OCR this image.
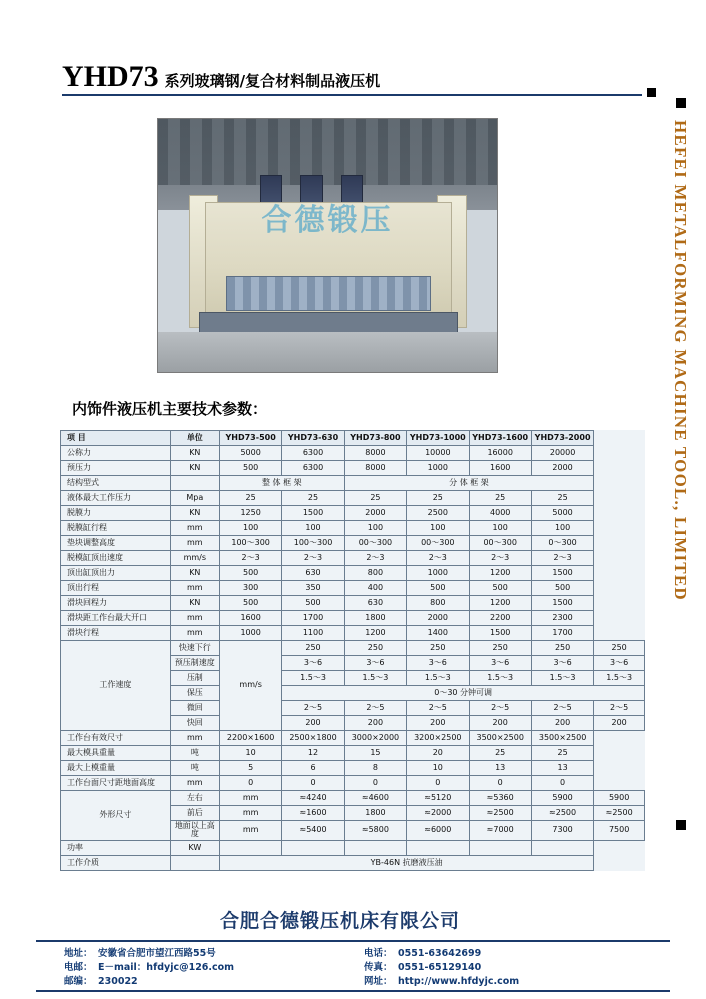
YHD73 系列玻璃钢/复合材料制品液压机
HEFEI METALFORMING MACHINE TOOL., LIMITED
合德锻压
内饰件液压机主要技术参数：
项 目	单位	YHD73-500	YHD73-630	YHD73-800	YHD73-1000	YHD73-1600	YHD73-2000	
公称力	KN	5000	6300	8000	10000	16000	20000	
预压力	KN	500	6300	8000	1000	1600	2000	
结构型式		整 体 框 架		分 体 框 架				
液体最大工作压力	Mpa	25	25	25	25	25	25	
脱膜力	KN	1250	1500	2000	2500	4000	5000	
脱膜缸行程	mm	100	100	100	100	100	100	
垫块调整高度	mm	100～300	100～300	00～300	00～300	00～300	0～300	
脱模缸顶出速度	mm/s	2～3	2～3	2～3	2～3	2～3	2～3	
顶出缸顶出力	KN	500	630	800	1000	1200	1500	
顶出行程	mm	300	350	400	500	500	500	
滑块回程力	KN	500	500	630	800	1200	1500	
滑块距工作台最大开口	mm	1600	1700	1800	2000	2200	2300	
滑块行程	mm	1000	1100	1200	1400	1500	1700	
工作速度	快速下行	mm/s	250	250	250	250	250	250
	预压制速度		3～6	3～6	3～6	3～6	3～6	3～6
	压制		1.5～3	1.5～3	1.5～3	1.5～3	1.5～3	1.5～3
	保压		0～30 分钟可调					
	微回		2～5	2～5	2～5	2～5	2～5	2～5
	快回		200	200	200	200	200	200
工作台有效尺寸	mm	2200×1600	2500×1800	3000×2000	3200×2500	3500×2500	3500×2500	
最大模具重量	吨	10	12	15	20	25	25	
最大上模重量	吨	5	6	8	10	13	13	
工作台面尺寸距地面高度	mm	0	0	0	0	0	0	
外形尺寸	左右	mm	≈4240	≈4600	≈5120	≈5360	5900	5900
	前后	mm	≈1600	1800	≈2000	≈2500	≈2500	≈2500
	地面以上高度	mm	≈5400	≈5800	≈6000	≈7000	7300	7500
功率	KW							
工作介质		YB-46N 抗磨液压油						
合肥合德锻压机床有限公司
地址： 安徽省合肥市望江西路55号	电话： 0551-63642699
电邮： E－mail：hfdyjc@126.com	传真： 0551-65129140
邮编： 230022	网址： http://www.hfdyjc.com
